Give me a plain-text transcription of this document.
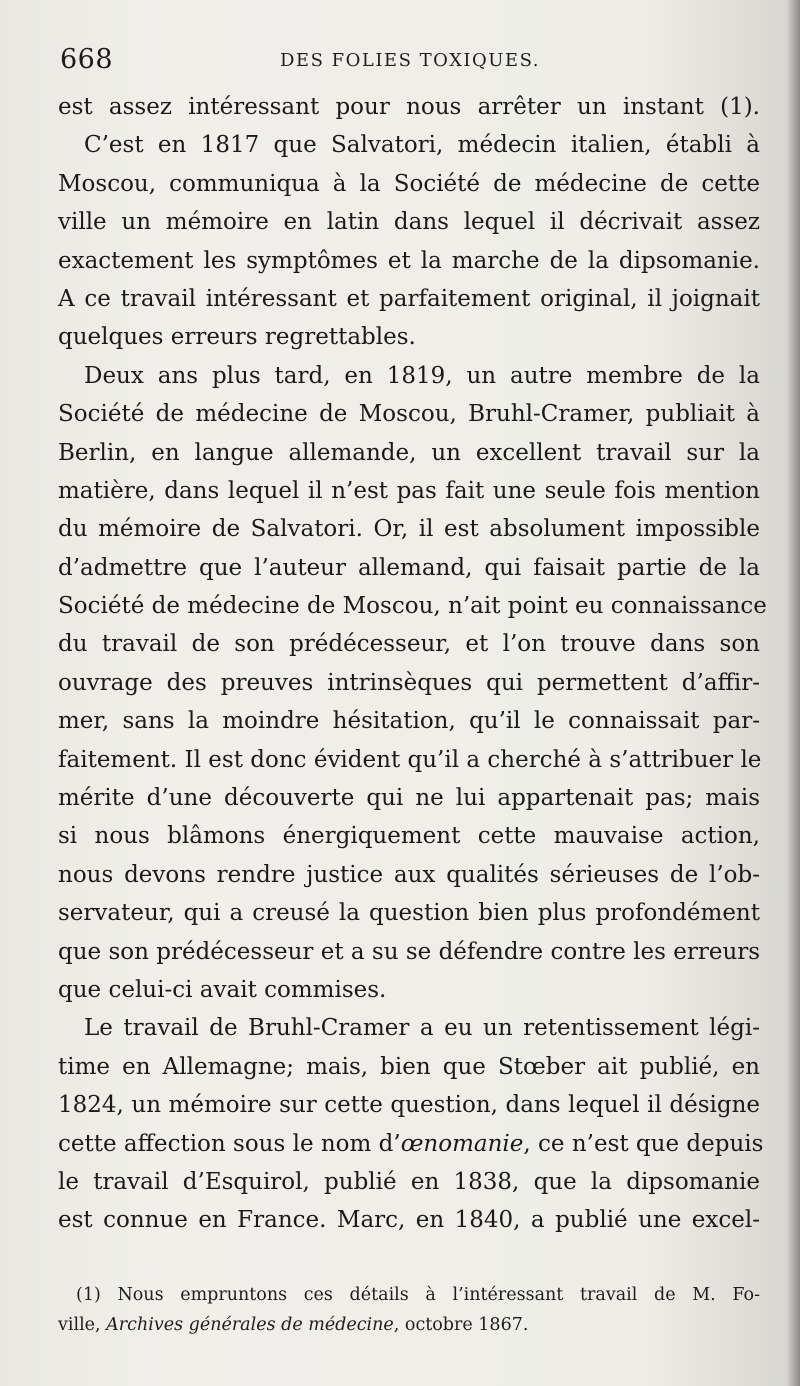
668	DES FOLIES TOXIQUES.
est assez intéressant pour nous arrêter un instant (1).
C’est en 1817 que Salvatori, médecin italien, établi à
Moscou, communiqua à la Société de médecine de cette
ville un mémoire en latin dans lequel il décrivait assez
exactement les symptômes et la marche de la dipsomanie.
A ce travail intéressant et parfaitement original, il joignait
quelques erreurs regrettables.
Deux ans plus tard, en 1819, un autre membre de la
Société de médecine de Moscou, Bruhl-Cramer, publiait à
Berlin, en langue allemande, un excellent travail sur la
matière, dans lequel il n’est pas fait une seule fois mention
du mémoire de Salvatori. Or, il est absolument impossible
d’admettre que l’auteur allemand, qui faisait partie de la
Société de médecine de Moscou, n’ait point eu connaissance
du travail de son prédécesseur, et l’on trouve dans son
ouvrage des preuves intrinsèques qui permettent d’affir-
mer, sans la moindre hésitation, qu’il le connaissait par-
faitement. Il est donc évident qu’il a cherché à s’attribuer le
mérite d’une découverte qui ne lui appartenait pas; mais
si nous blâmons énergiquement cette mauvaise action,
nous devons rendre justice aux qualités sérieuses de l’ob-
servateur, qui a creusé la question bien plus profondément
que son prédécesseur et a su se défendre contre les erreurs
que celui-ci avait commises.
Le travail de Bruhl-Cramer a eu un retentissement légi-
time en Allemagne; mais, bien que Stœber ait publié, en
1824, un mémoire sur cette question, dans lequel il désigne
cette affection sous le nom d’œnomanie, ce n’est que depuis
le travail d’Esquirol, publié en 1838, que la dipsomanie
est connue en France. Marc, en 1840, a publié une excel-
(1) Nous empruntons ces détails à l’intéressant travail de M. Fo-
ville, Archives générales de médecine, octobre 1867.
